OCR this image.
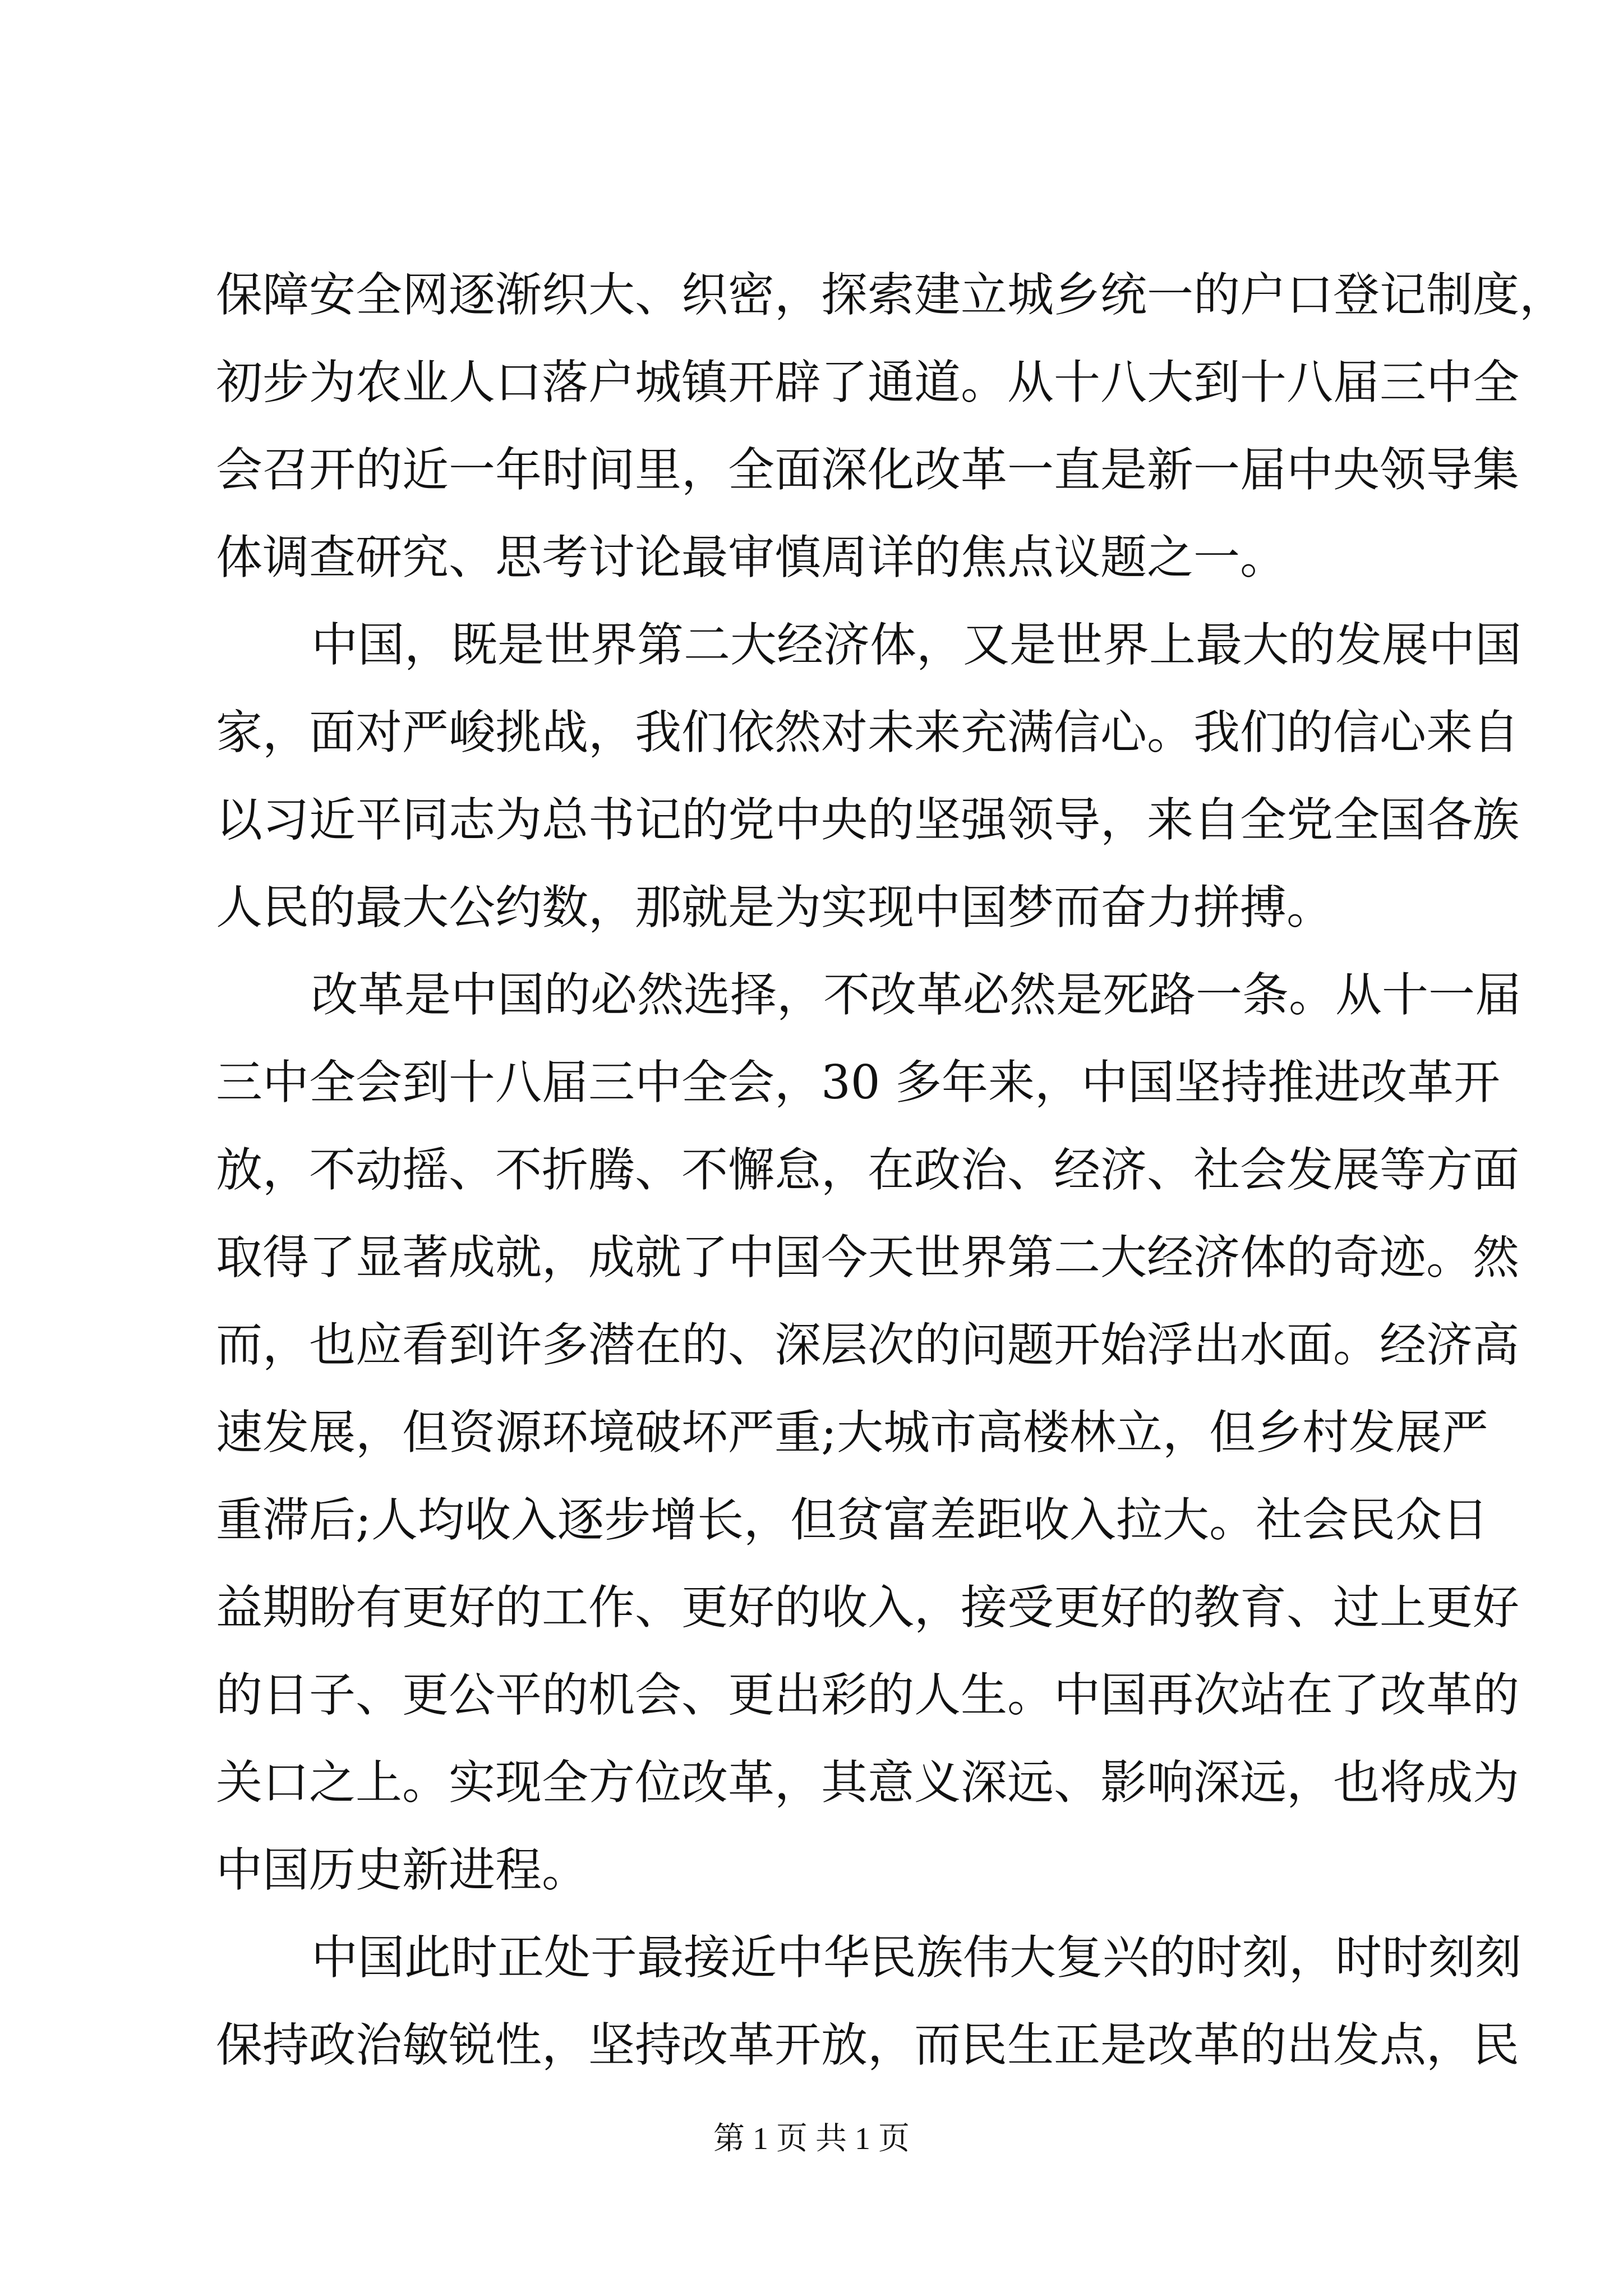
保障安全网逐渐织大、织密，探索建立城乡统一的户口登记制度，
初步为农业人口落户城镇开辟了通道。从十八大到十八届三中全
会召开的近一年时间里，全面深化改革一直是新一届中央领导集
体调查研究、思考讨论最审慎周详的焦点议题之一。
中国，既是世界第二大经济体，又是世界上最大的发展中国
家，面对严峻挑战，我们依然对未来充满信心。我们的信心来自
以习近平同志为总书记的党中央的坚强领导，来自全党全国各族
人民的最大公约数，那就是为实现中国梦而奋力拼搏。
改革是中国的必然选择，不改革必然是死路一条。从十一届
三中全会到十八届三中全会，30 多年来，中国坚持推进改革开
放，不动摇、不折腾、不懈怠，在政治、经济、社会发展等方面
取得了显著成就，成就了中国今天世界第二大经济体的奇迹。然
而，也应看到许多潜在的、深层次的问题开始浮出水面。经济高
速发展，但资源环境破坏严重;大城市高楼林立，但乡村发展严
重滞后;人均收入逐步增长，但贫富差距收入拉大。社会民众日
益期盼有更好的工作、更好的收入，接受更好的教育、过上更好
的日子、更公平的机会、更出彩的人生。中国再次站在了改革的
关口之上。实现全方位改革，其意义深远、影响深远，也将成为
中国历史新进程。
中国此时正处于最接近中华民族伟大复兴的时刻，时时刻刻
保持政治敏锐性，坚持改革开放，而民生正是改革的出发点，民
第 1 页 共 1 页
